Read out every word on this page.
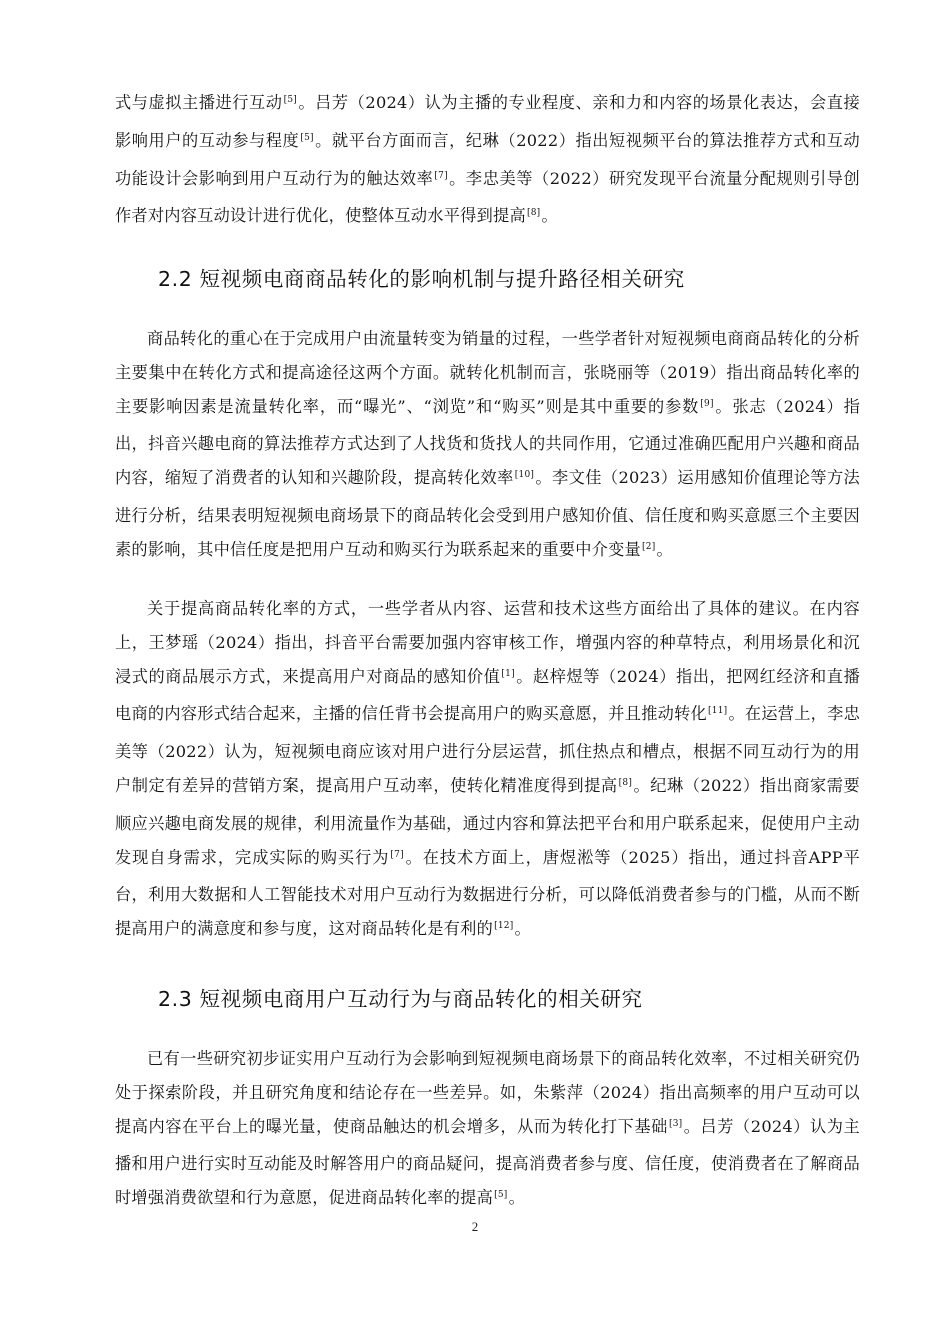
式与虚拟主播进行互动[5]。吕芳（2024）认为主播的专业程度、亲和力和内容的场景化表达，会直接影响用户的互动参与程度[5]。就平台方面而言，纪琳（2022）指出短视频平台的算法推荐方式和互动功能设计会影响到用户互动行为的触达效率[7]。李忠美等（2022）研究发现平台流量分配规则引导创作者对内容互动设计进行优化，使整体互动水平得到提高[8]。

2.2 短视频电商商品转化的影响机制与提升路径相关研究

商品转化的重心在于完成用户由流量转变为销量的过程，一些学者针对短视频电商商品转化的分析主要集中在转化方式和提高途径这两个方面。就转化机制而言，张晓丽等（2019）指出商品转化率的主要影响因素是流量转化率，而“曝光”、“浏览”和“购买”则是其中重要的参数[9]。张志（2024）指出，抖音兴趣电商的算法推荐方式达到了人找货和货找人的共同作用，它通过准确匹配用户兴趣和商品内容，缩短了消费者的认知和兴趣阶段，提高转化效率[10]。李文佳（2023）运用感知价值理论等方法进行分析，结果表明短视频电商场景下的商品转化会受到用户感知价值、信任度和购买意愿三个主要因素的影响，其中信任度是把用户互动和购买行为联系起来的重要中介变量[2]。

关于提高商品转化率的方式，一些学者从内容、运营和技术这些方面给出了具体的建议。在内容上，王梦瑶（2024）指出，抖音平台需要加强内容审核工作，增强内容的种草特点，利用场景化和沉浸式的商品展示方式，来提高用户对商品的感知价值[1]。赵梓煜等（2024）指出，把网红经济和直播电商的内容形式结合起来，主播的信任背书会提高用户的购买意愿，并且推动转化[11]。在运营上，李忠美等（2022）认为，短视频电商应该对用户进行分层运营，抓住热点和槽点，根据不同互动行为的用户制定有差异的营销方案，提高用户互动率，使转化精准度得到提高[8]。纪琳（2022）指出商家需要顺应兴趣电商发展的规律，利用流量作为基础，通过内容和算法把平台和用户联系起来，促使用户主动发现自身需求，完成实际的购买行为[7]。在技术方面上，唐煜淞等（2025）指出，通过抖音APP平台，利用大数据和人工智能技术对用户互动行为数据进行分析，可以降低消费者参与的门槛，从而不断提高用户的满意度和参与度，这对商品转化是有利的[12]。

2.3 短视频电商用户互动行为与商品转化的相关研究

已有一些研究初步证实用户互动行为会影响到短视频电商场景下的商品转化效率，不过相关研究仍处于探索阶段，并且研究角度和结论存在一些差异。如，朱紫萍（2024）指出高频率的用户互动可以提高内容在平台上的曝光量，使商品触达的机会增多，从而为转化打下基础[3]。吕芳（2024）认为主播和用户进行实时互动能及时解答用户的商品疑问，提高消费者参与度、信任度，使消费者在了解商品时增强消费欲望和行为意愿，促进商品转化率的提高[5]。

2
